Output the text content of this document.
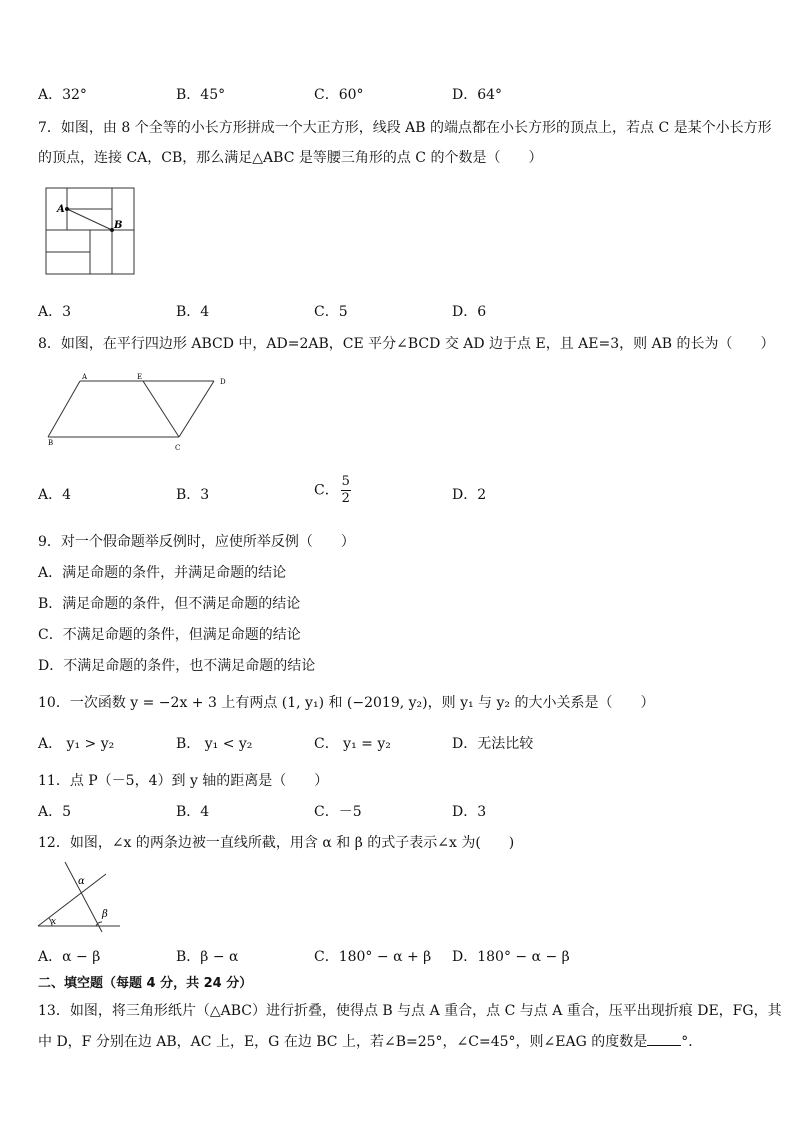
A．32°	B．45°	C．60°	D．64°
7．如图，由 8 个全等的小长方形拼成一个大正方形，线段 AB 的端点都在小长方形的顶点上，若点 C 是某个小长方形
的顶点，连接 CA，CB，那么满足△ABC 是等腰三角形的点 C 的个数是（　　）
A
B
A．3	B．4	C．5	D．6
8．如图，在平行四边形 ABCD 中，AD=2AB，CE 平分∠BCD 交 AD 边于点 E，且 AE=3，则 AB 的长为（　　）
A	E
D
B
C
A．4	B．3	C． $\frac{5}{2}$	D．2
9．对一个假命题举反例时，应使所举反例（　　）
A．满足命题的条件，并满足命题的结论
B．满足命题的条件，但不满足命题的结论
C．不满足命题的条件，但满足命题的结论
D．不满足命题的条件，也不满足命题的结论
10．一次函数 y = −2x + 3 上有两点 (1, y₁) 和 (−2019, y₂)，则 y₁ 与 y₂ 的大小关系是（　　）
A． y₁ > y₂	B． y₁ < y₂	C． y₁ = y₂	D．无法比较
11．点 P（－5，4）到 y 轴的距离是（　　）
A．5	B．4	C．－5	D．3
12．如图，∠x 的两条边被一直线所截，用含 α 和 β 的式子表示∠x 为(　　)
α
β
x
A．α − β	B．β − α	C．180° − α + β D．180° − α − β
二、填空题（每题 4 分，共 24 分）
13．如图，将三角形纸片（△ABC）进行折叠，使得点 B 与点 A 重合，点 C 与点 A 重合，压平出现折痕 DE，FG，其
中 D，F 分别在边 AB，AC 上，E，G 在边 BC 上，若∠B=25°，∠C=45°，则∠EAG 的度数是 °．
